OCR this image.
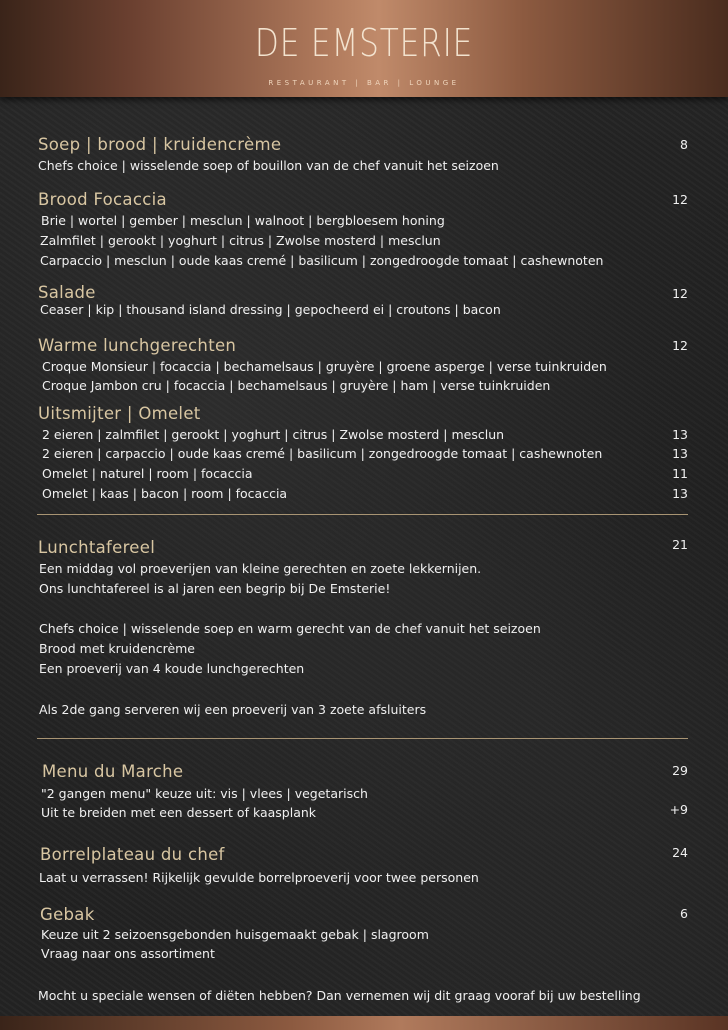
DE EMSTERIE
RESTAURANT | BAR | LOUNGE
Soep | brood | kruidencrème	8
Chefs choice | wisselende soep of bouillon van de chef vanuit het seizoen
Brood Focaccia	12
Brie | wortel | gember | mesclun | walnoot | bergbloesem honing
Zalmfilet | gerookt | yoghurt | citrus | Zwolse mosterd | mesclun
Carpaccio | mesclun | oude kaas cremé | basilicum | zongedroogde tomaat | cashewnoten
Salade	12
Ceaser | kip | thousand island dressing | gepocheerd ei | croutons | bacon
Warme lunchgerechten	12
Croque Monsieur | focaccia | bechamelsaus | gruyère | groene asperge | verse tuinkruiden
Croque Jambon cru | focaccia | bechamelsaus | gruyère | ham | verse tuinkruiden
Uitsmijter | Omelet
2 eieren | zalmfilet | gerookt | yoghurt | citrus | Zwolse mosterd | mesclun	13
2 eieren | carpaccio | oude kaas cremé | basilicum | zongedroogde tomaat | cashewnoten	13
Omelet | naturel | room | focaccia	11
Omelet | kaas | bacon | room | focaccia	13
Lunchtafereel	21
Een middag vol proeverijen van kleine gerechten en zoete lekkernijen.
Ons lunchtafereel is al jaren een begrip bij De Emsterie!
Chefs choice | wisselende soep en warm gerecht van de chef vanuit het seizoen
Brood met kruidencrème
Een proeverij van 4 koude lunchgerechten
Als 2de gang serveren wij een proeverij van 3 zoete afsluiters
Menu du Marche	29
"2 gangen menu" keuze uit: vis | vlees | vegetarisch
Uit te breiden met een dessert of kaasplank	+9
Borrelplateau du chef	24
Laat u verrassen! Rijkelijk gevulde borrelproeverij voor twee personen
Gebak	6
Keuze uit 2 seizoensgebonden huisgemaakt gebak | slagroom
Vraag naar ons assortiment
Mocht u speciale wensen of diëten hebben? Dan vernemen wij dit graag vooraf bij uw bestelling
